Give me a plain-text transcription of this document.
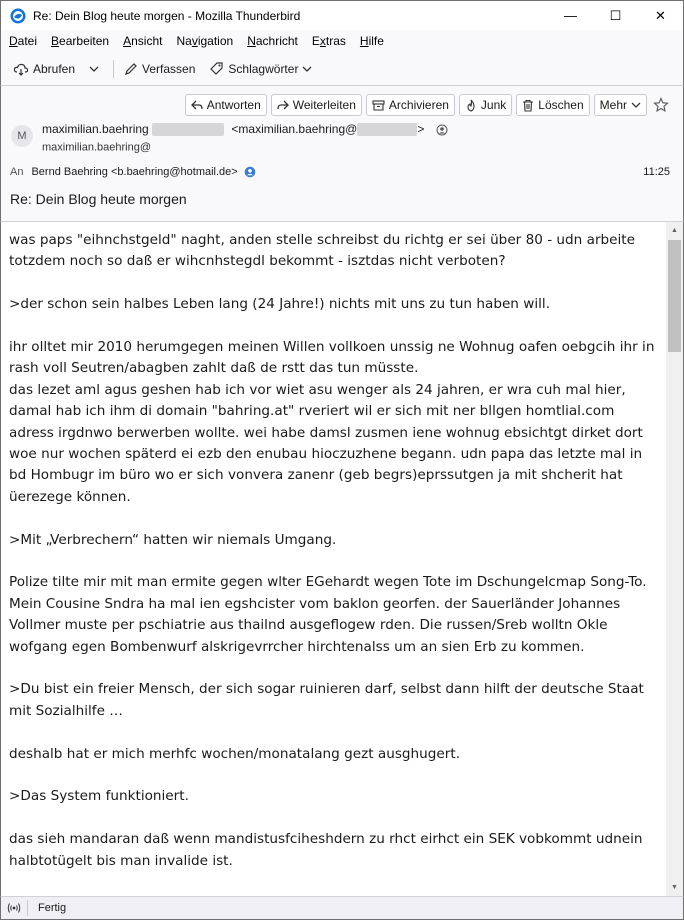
Re: Dein Blog heute morgen - Mozilla Thunderbird	—	☐	✕
Datei	Bearbeiten	Ansicht	Navigation	Nachricht	Extras	Hilfe
Abrufen	Verfassen	Schlagwörter
Antworten	Weiterleiten	Archivieren	Junk	Löschen Mehr
M maximilian.baehring	<maximilian.baehring@	>
maximilian.baehring@
An Bernd Baehring <b.baehring@hotmail.de>	11:25
Re: Dein Blog heute morgen
was paps "eihnchstgeld" naght, anden stelle schreibst du richtg er sei über 80 - udn arbeite totzdem noch so daß er wihcnhstegdl bekommt - isztdas nicht verboten?
>der schon sein halbes Leben lang (24 Jahre!) nichts mit uns zu tun haben will.
ihr olltet mir 2010 herumgegen meinen Willen vollkoen unssig ne Wohnug oafen oebgcih ihr in rash voll Seutren/abagben zahlt daß de rstt das tun müsste.
das lezet aml agus geshen hab ich vor wiet asu wenger als 24 jahren, er wra cuh mal hier, damal hab ich ihm di domain "bahring.at" rveriert wil er sich mit ner bllgen homtlial.com adress irgdnwo berwerben wollte. wei habe damsl zusmen iene wohnug ebsichtgt dirket dort woe nur wochen späterd ei ezb den enubau hioczuzhene begann. udn papa das letzte mal in bd Hombugr im büro wo er sich vonvera zanenr (geb begrs)eprssutgen ja mit shcherit hat üerezege können.
>Mit „Verbrechern“ hatten wir niemals Umgang.
Polize tilte mir mit man ermite gegen wlter EGehardt wegen Tote im Dschungelcmap Song-To. Mein Cousine Sndra ha mal ien egshcister vom baklon georfen. der Sauerländer Johannes Vollmer muste per pschiatrie aus thailnd ausgeflogew rden. Die russen/Sreb wolltn Okle wofgang egen Bombenwurf alskrigevrrcher hirchtenalss um an sien Erb zu kommen.
>Du bist ein freier Mensch, der sich sogar ruinieren darf, selbst dann hilft der deutsche Staat mit Sozialhilfe …
deshalb hat er mich merhfc wochen/monatalang gezt ausghugert.
>Das System funktioniert.
das sieh mandaran daß wenn mandistusfciheshdern zu rhct eirhct ein SEK vobkommt udnein halbtotügelt bis man invalide ist.
▲
▼
Fertig
